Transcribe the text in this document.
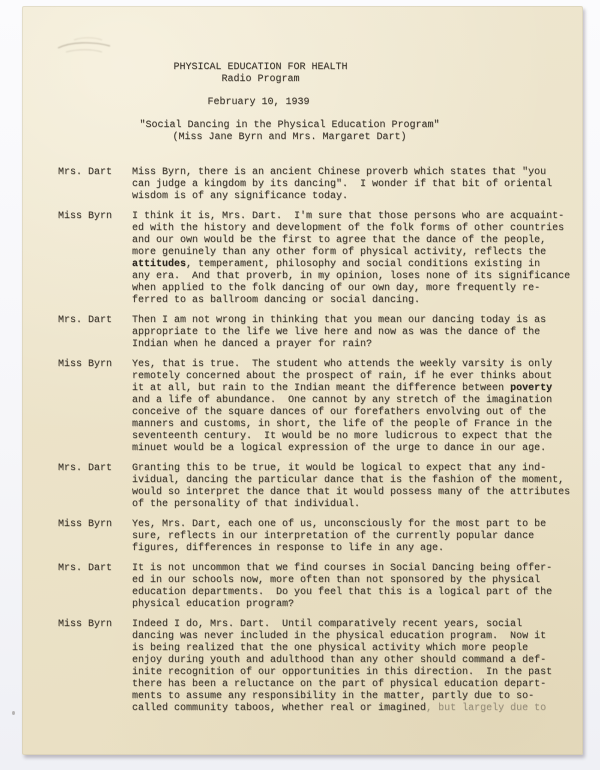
PHYSICAL EDUCATION FOR HEALTH
Radio Program
February 10, 1939
"Social Dancing in the Physical Education Program"
(Miss Jane Byrn and Mrs. Margaret Dart)
Mrs. Dart	Miss Byrn, there is an ancient Chinese proverb which states that "you
can judge a kingdom by its dancing".  I wonder if that bit of oriental
wisdom is of any significance today.
Miss Byrn	I think it is, Mrs. Dart.  I'm sure that those persons who are acquaint-
ed with the history and development of the folk forms of other countries
and our own would be the first to agree that the dance of the people,
more genuinely than any other form of physical activity, reflects the
attitudes, temperament, philosophy and social conditions existing in
any era.  And that proverb, in my opinion, loses none of its significance
when applied to the folk dancing of our own day, more frequently re-
ferred to as ballroom dancing or social dancing.
Mrs. Dart	Then I am not wrong in thinking that you mean our dancing today is as
appropriate to the life we live here and now as was the dance of the
Indian when he danced a prayer for rain?
Miss Byrn	Yes, that is true.  The student who attends the weekly varsity is only
remotely concerned about the prospect of rain, if he ever thinks about
it at all, but rain to the Indian meant the difference between poverty
and a life of abundance.  One cannot by any stretch of the imagination
conceive of the square dances of our forefathers envolving out of the
manners and customs, in short, the life of the people of France in the
seventeenth century.  It would be no more ludicrous to expect that the
minuet would be a logical expression of the urge to dance in our age.
Mrs. Dart	Granting this to be true, it would be logical to expect that any ind-
ividual, dancing the particular dance that is the fashion of the moment,
would so interpret the dance that it would possess many of the attributes
of the personality of that individual.
Miss Byrn	Yes, Mrs. Dart, each one of us, unconsciously for the most part to be
sure, reflects in our interpretation of the currently popular dance
figures, differences in response to life in any age.
Mrs. Dart	It is not uncommon that we find courses in Social Dancing being offer-
ed in our schools now, more often than not sponsored by the physical
education departments.  Do you feel that this is a logical part of the
physical education program?
Miss Byrn	Indeed I do, Mrs. Dart.  Until comparatively recent years, social
dancing was never included in the physical education program.  Now it
is being realized that the one physical activity which more people
enjoy during youth and adulthood than any other should command a def-
inite recognition of our opportunities in this direction.  In the past
there has been a reluctance on the part of physical education depart-
ments to assume any responsibility in the matter, partly due to so-
called community taboos, whether real or imagined, but largely due to
